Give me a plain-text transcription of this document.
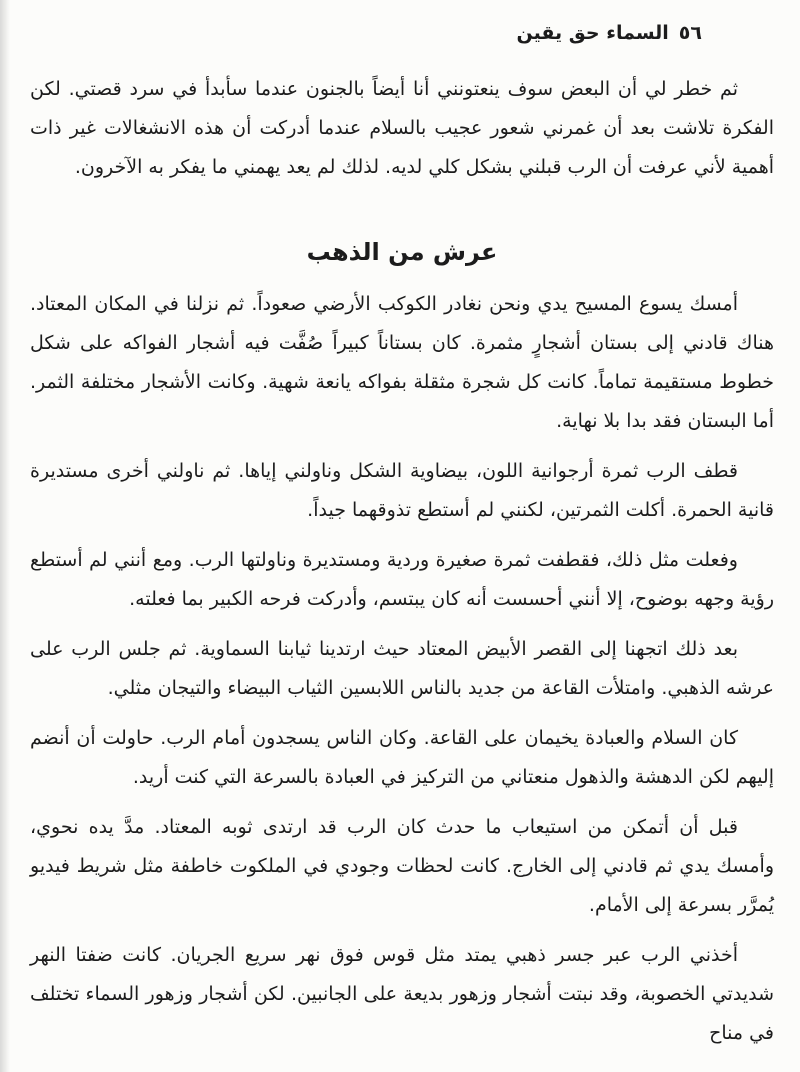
٥٦السماء حق يقين

ثم خطر لي أن البعض سوف ينعتونني أنا أيضاً بالجنون عندما سأبدأ في سرد قصتي. لكن الفكرة تلاشت بعد أن غمرني شعور عجيب بالسلام عندما أدركت أن هذه الانشغالات غير ذات أهمية لأني عرفت أن الرب قبلني بشكل كلي لديه. لذلك لم يعد يهمني ما يفكر به الآخرون.

عرش من الذهب

أمسك يسوع المسيح يدي ونحن نغادر الكوكب الأرضي صعوداً. ثم نزلنا في المكان المعتاد. هناك قادني إلى بستان أشجارٍ مثمرة. كان بستاناً كبيراً صُفَّت فيه أشجار الفواكه على شكل خطوط مستقيمة تماماً. كانت كل شجرة مثقلة بفواكه يانعة شهية. وكانت الأشجار مختلفة الثمر. أما البستان فقد بدا بلا نهاية.

قطف الرب ثمرة أرجوانية اللون، بيضاوية الشكل وناولني إياها. ثم ناولني أخرى مستديرة قانية الحمرة. أكلت الثمرتين، لكنني لم أستطع تذوقهما جيداً.

وفعلت مثل ذلك، فقطفت ثمرة صغيرة وردية ومستديرة وناولتها الرب. ومع أنني لم أستطع رؤية وجهه بوضوح، إلا أنني أحسست أنه كان يبتسم، وأدركت فرحه الكبير بما فعلته.

بعد ذلك اتجهنا إلى القصر الأبيض المعتاد حيث ارتدينا ثيابنا السماوية. ثم جلس الرب على عرشه الذهبي. وامتلأت القاعة من جديد بالناس اللابسين الثياب البيضاء والتيجان مثلي.

كان السلام والعبادة يخيمان على القاعة. وكان الناس يسجدون أمام الرب. حاولت أن أنضم إليهم لكن الدهشة والذهول منعتاني من التركيز في العبادة بالسرعة التي كنت أريد.

قبل أن أتمكن من استيعاب ما حدث كان الرب قد ارتدى ثوبه المعتاد. مدَّ يده نحوي، وأمسك يدي ثم قادني إلى الخارج. كانت لحظات وجودي في الملكوت خاطفة مثل شريط فيديو يُمرَّر بسرعة إلى الأمام.

أخذني الرب عبر جسر ذهبي يمتد مثل قوس فوق نهر سريع الجريان. كانت ضفتا النهر شديدتي الخصوبة، وقد نبتت أشجار وزهور بديعة على الجانبين. لكن أشجار وزهور السماء تختلف في مناح
